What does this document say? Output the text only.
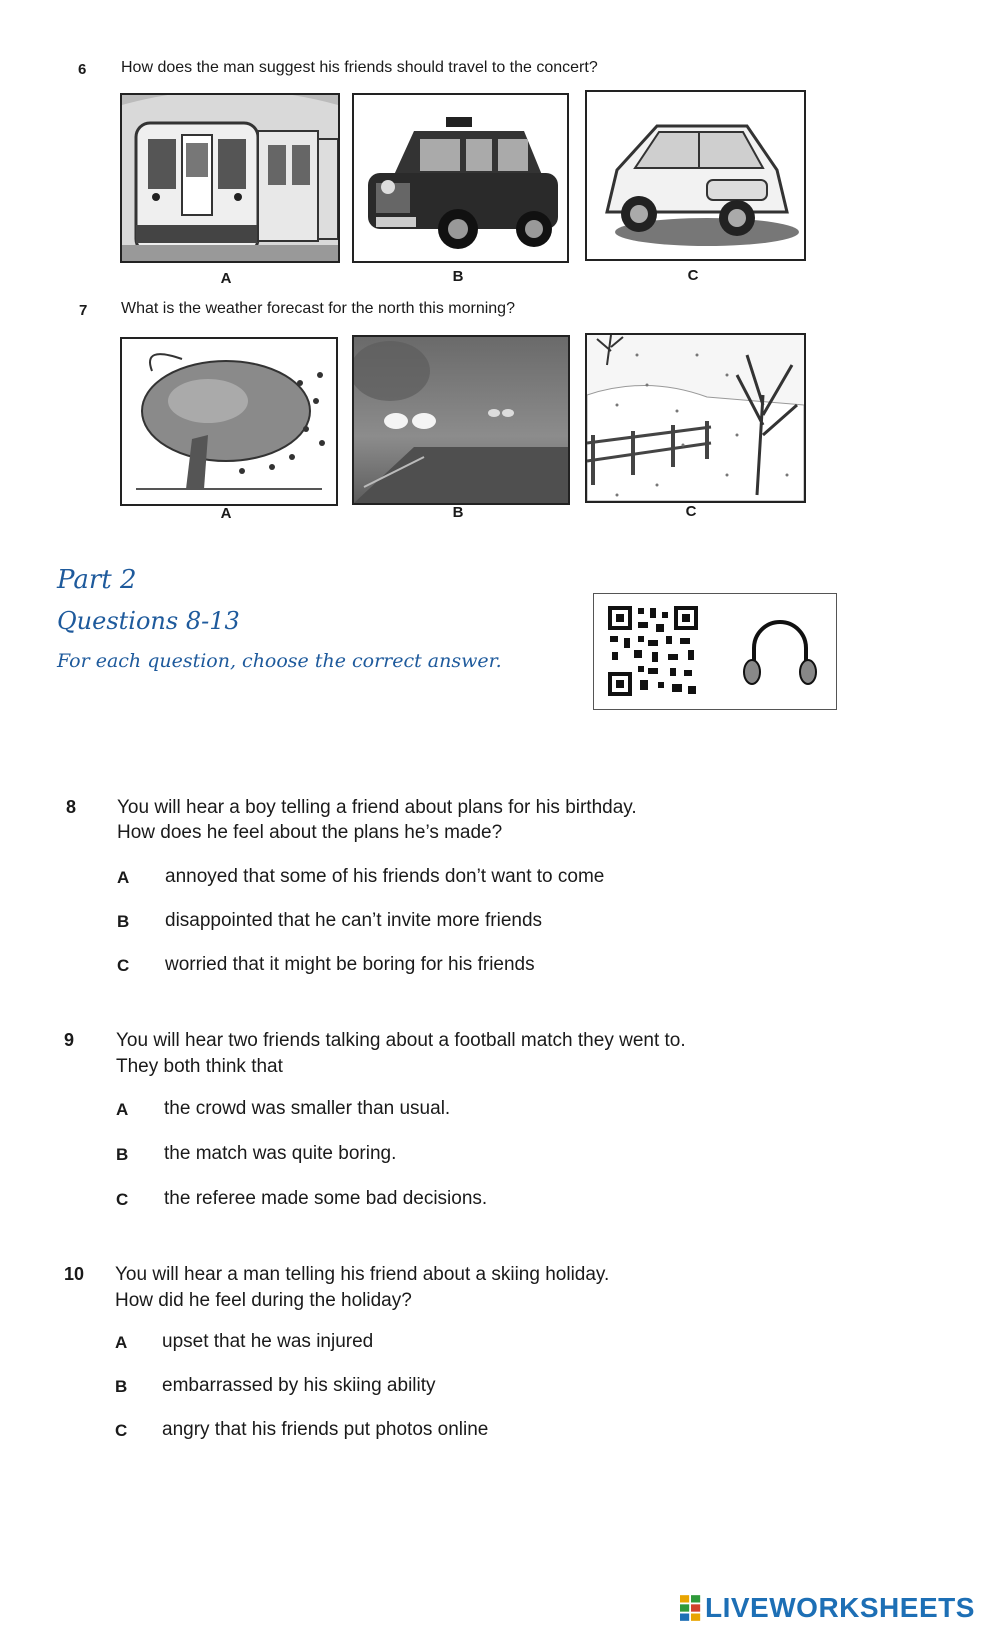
6 How does the man suggest his friends should travel to the concert?
A	B	C
7 What is the weather forecast for the north this morning?
A	B	C
Part 2
Questions 8-13
For each question, choose the correct answer.
8 You will hear a boy telling a friend about plans for his birthday.
How does he feel about the plans he’s made?
A annoyed that some of his friends don’t want to come
B disappointed that he can’t invite more friends
C worried that it might be boring for his friends
9 You will hear two friends talking about a football match they went to.
They both think that
A the crowd was smaller than usual.
B the match was quite boring.
C the referee made some bad decisions.
10 You will hear a man telling his friend about a skiing holiday.
How did he feel during the holiday?
A upset that he was injured
B embarrassed by his skiing ability
C angry that his friends put photos online
LIVEWORKSHEETS
